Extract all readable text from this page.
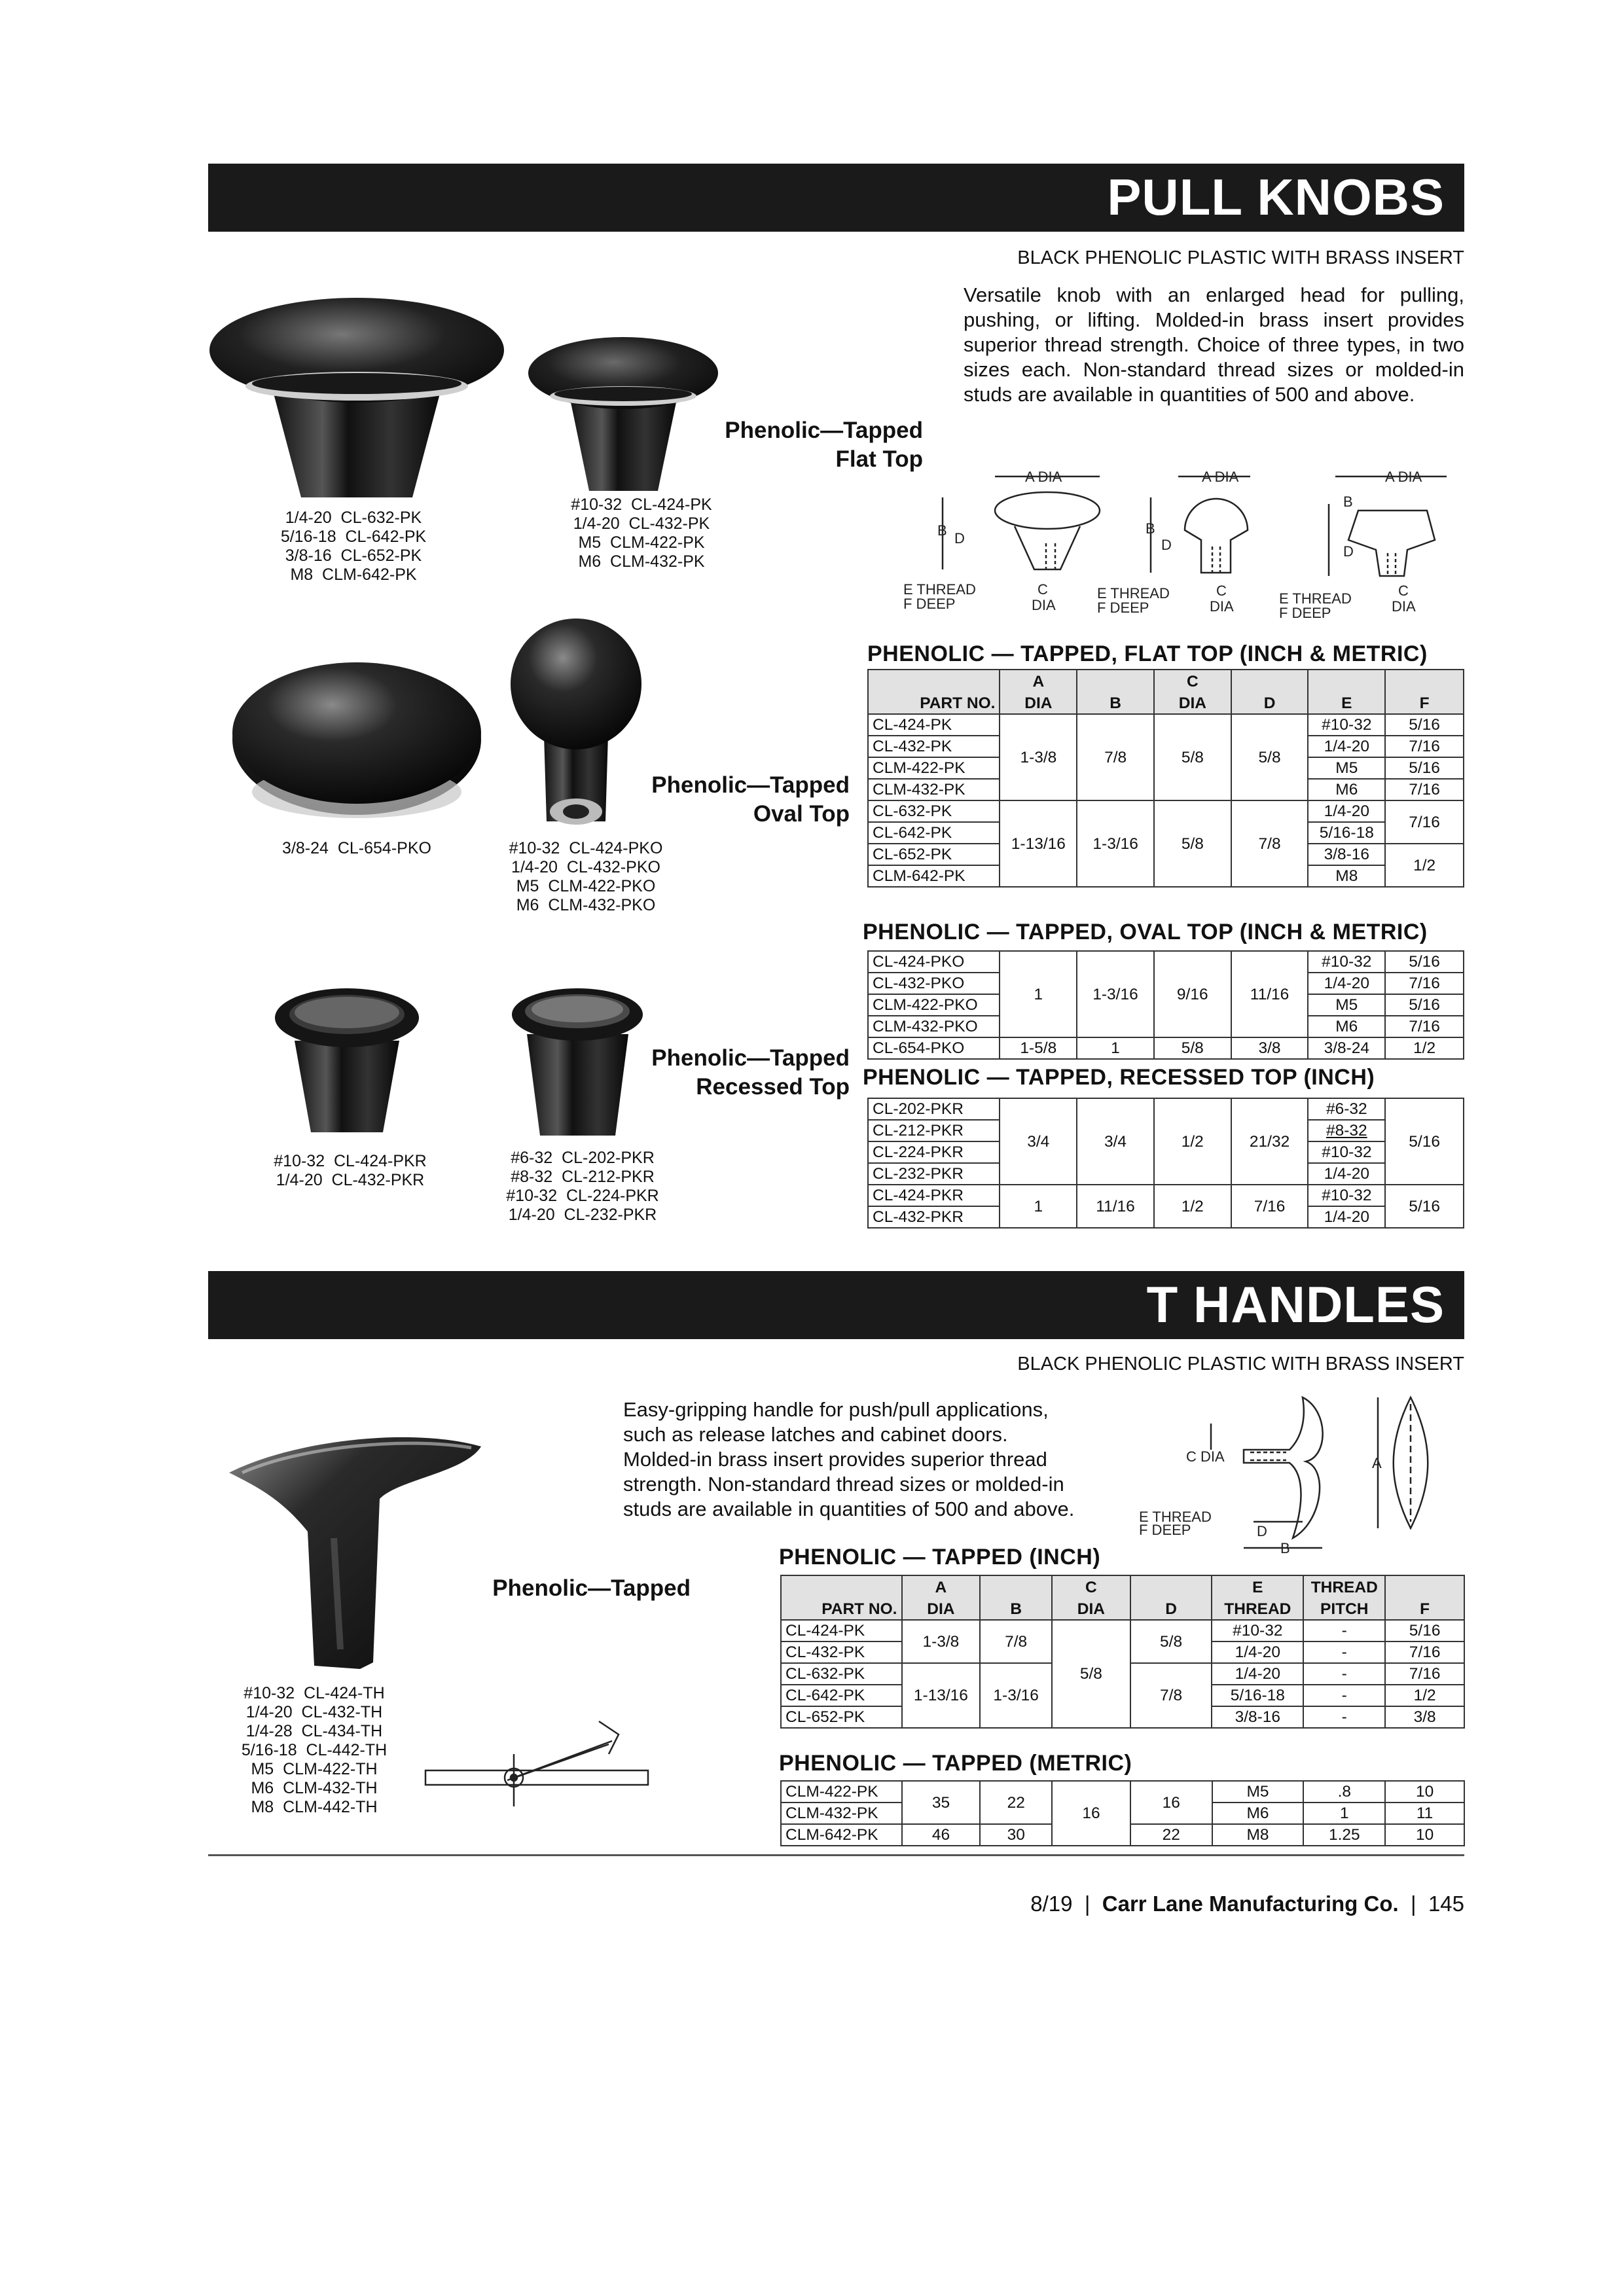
PULL KNOBS
BLACK PHENOLIC PLASTIC WITH BRASS INSERT
Versatile knob with an enlarged head for pulling, pushing, or lifting. Molded-in brass insert provides superior thread strength. Choice of three types, in two sizes each. Non-standard thread sizes or molded-in studs are available in quantities of 500 and above.
1/4-20  CL-632-PK
5/16-18  CL-642-PK
3/8-16  CL-652-PK
M8  CLM-642-PK
#10-32  CL-424-PK
1/4-20  CL-432-PK
M5  CLM-422-PK
M6  CLM-432-PK
Phenolic—Tapped
Flat Top
A DIA
B D
E THREAD
F DEEP
C
DIA
A DIA
B
D
E THREAD
F DEEP
C
DIA
A DIA
B
D
E THREAD
F DEEP
C
DIA
3/8-24  CL-654-PKO	#10-32  CL-424-PKO
1/4-20  CL-432-PKO
M5  CLM-422-PKO
M6  CLM-432-PKO
Phenolic—Tapped
Oval Top
#10-32  CL-424-PKR
1/4-20  CL-432-PKR
#6-32  CL-202-PKR
#8-32  CL-212-PKR
#10-32  CL-224-PKR
1/4-20  CL-232-PKR
Phenolic—Tapped
Recessed Top
PHENOLIC — TAPPED, FLAT TOP (INCH & METRIC)
	A		C			
PART NO.	DIA	B	DIA	D	E	F
CL-424-PK	1-3/8	7/8	5/8	5/8	#10-32	5/16
CL-432-PK					1/4-20	7/16
CLM-422-PK					M5	5/16
CLM-432-PK					M6	7/16
CL-632-PK	1-13/16	1-3/16	5/8	7/8	1/4-20	7/16
CL-642-PK					5/16-18	
CL-652-PK					3/8-16	1/2
CLM-642-PK					M8	
PHENOLIC — TAPPED, OVAL TOP (INCH & METRIC)
CL-424-PKO	1	1-3/16	9/16	11/16	#10-32	5/16
CL-432-PKO					1/4-20	7/16
CLM-422-PKO					M5	5/16
CLM-432-PKO					M6	7/16
CL-654-PKO	1-5/8	1	5/8	3/8	3/8-24	1/2
PHENOLIC — TAPPED, RECESSED TOP (INCH)
CL-202-PKR	3/4	3/4	1/2	21/32	#6-32	5/16
CL-212-PKR					#8-32	
CL-224-PKR					#10-32	
CL-232-PKR					1/4-20	
CL-424-PKR	1	11/16	1/2	7/16	#10-32	5/16
CL-432-PKR					1/4-20	
T HANDLES
BLACK PHENOLIC PLASTIC WITH BRASS INSERT
Easy-gripping handle for push/pull applications, such as release latches and cabinet doors. Molded-in brass insert provides superior thread strength. Non-standard thread sizes or molded-in studs are available in quantities of 500 and above.
Phenolic—Tapped
#10-32  CL-424-TH
1/4-20  CL-432-TH
1/4-28  CL-434-TH
5/16-18  CL-442-TH
M5  CLM-422-TH
M6  CLM-432-TH
M8  CLM-442-TH
C DIA
D
B
E THREAD
F DEEP
A
PHENOLIC — TAPPED (INCH)
	A		C		E	THREAD	
PART NO.	DIA	B	DIA	D	THREAD	PITCH	F
CL-424-PK	1-3/8	7/8	5/8	5/8	#10-32	-	5/16
CL-432-PK					1/4-20	-	7/16
CL-632-PK	1-13/16	1-3/16		7/8	1/4-20	-	7/16
CL-642-PK					5/16-18	-	1/2
CL-652-PK					3/8-16	-	3/8
PHENOLIC — TAPPED (METRIC)
CLM-422-PK	35	22	16	16	M5	.8	10
CLM-432-PK					M6	1	11
CLM-642-PK	46	30		22	M8	1.25	10
8/19 | Carr Lane Manufacturing Co. | 145
